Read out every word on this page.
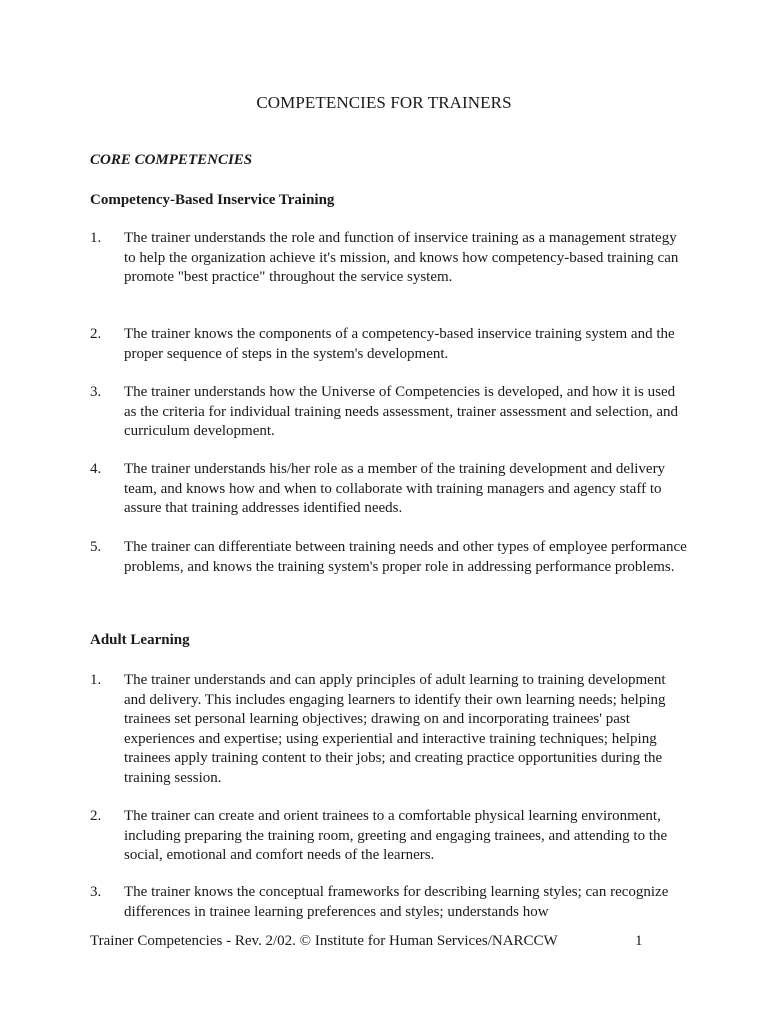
COMPETENCIES FOR TRAINERS
CORE COMPETENCIES
Competency-Based Inservice Training
1. The trainer understands the role and function of inservice training as a management strategy to help the organization achieve it's mission, and knows how competency-based training can promote "best practice" throughout the service system.
2. The trainer knows the components of a competency-based inservice training system and the proper sequence of steps in the system's development.
3. The trainer understands how the Universe of Competencies is developed, and how it is used as the criteria for individual training needs assessment, trainer assessment and selection, and curriculum development.
4. The trainer understands his/her role as a member of the training development and delivery team, and knows how and when to collaborate with training managers and agency staff to assure that training addresses identified needs.
5. The trainer can differentiate between training needs and other types of employee performance problems, and knows the training system's proper role in addressing performance problems.
Adult Learning
1. The trainer understands and can apply principles of adult learning to training development and delivery. This includes engaging learners to identify their own learning needs; helping trainees set personal learning objectives; drawing on and incorporating trainees' past experiences and expertise; using experiential and interactive training techniques; helping trainees apply training content to their jobs; and creating practice opportunities during the training session.
2. The trainer can create and orient trainees to a comfortable physical learning environment, including preparing the training room, greeting and engaging trainees, and attending to the social, emotional and comfort needs of the learners.
3. The trainer knows the conceptual frameworks for describing learning styles; can recognize differences in trainee learning preferences and styles; understands how
Trainer Competencies - Rev. 2/02. © Institute for Human Services/NARCCW	1
